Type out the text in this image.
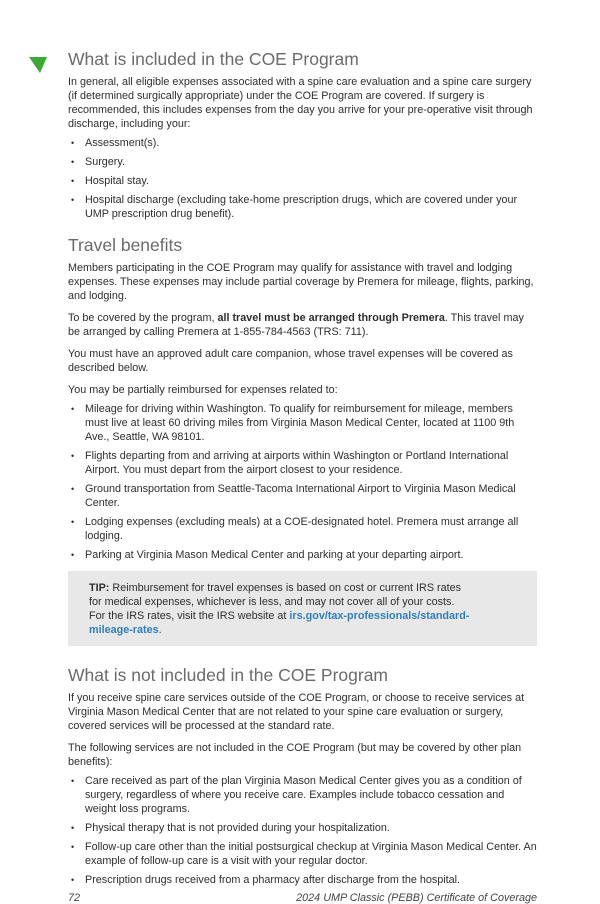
What is included in the COE Program

In general, all eligible expenses associated with a spine care evaluation and a spine care surgery (if determined surgically appropriate) under the COE Program are covered. If surgery is recommended, this includes expenses from the day you arrive for your pre-operative visit through discharge, including your:

•	Assessment(s).
•	Surgery.
•	Hospital stay.
•	Hospital discharge (excluding take-home prescription drugs, which are covered under your UMP prescription drug benefit).
Travel benefits

Members participating in the COE Program may qualify for assistance with travel and lodging expenses. These expenses may include partial coverage by Premera for mileage, flights, parking, and lodging.

To be covered by the program, all travel must be arranged through Premera. This travel may be arranged by calling Premera at 1-855-784-4563 (TRS: 711).

You must have an approved adult care companion, whose travel expenses will be covered as described below.

You may be partially reimbursed for expenses related to:

•	Mileage for driving within Washington. To qualify for reimbursement for mileage, members must live at least 60 driving miles from Virginia Mason Medical Center, located at 1100 9th Ave., Seattle, WA 98101.
•	Flights departing from and arriving at airports within Washington or Portland International Airport. You must depart from the airport closest to your residence.
•	Ground transportation from Seattle-Tacoma International Airport to Virginia Mason Medical Center.
•	Lodging expenses (excluding meals) at a COE-designated hotel. Premera must arrange all lodging.
•	Parking at Virginia Mason Medical Center and parking at your departing airport.
TIP: Reimbursement for travel expenses is based on cost or current IRS rates for medical expenses, whichever is less, and may not cover all of your costs. For the IRS rates, visit the IRS website at irs.gov/tax-professionals/standard-mileage-rates.
What is not included in the COE Program

If you receive spine care services outside of the COE Program, or choose to receive services at Virginia Mason Medical Center that are not related to your spine care evaluation or surgery, covered services will be processed at the standard rate.

The following services are not included in the COE Program (but may be covered by other plan benefits):

•	Care received as part of the plan Virginia Mason Medical Center gives you as a condition of surgery, regardless of where you receive care. Examples include tobacco cessation and weight loss programs.
•	Physical therapy that is not provided during your hospitalization.
•	Follow-up care other than the initial postsurgical checkup at Virginia Mason Medical Center. An example of follow-up care is a visit with your regular doctor.
•	Prescription drugs received from a pharmacy after discharge from the hospital.
72	2024 UMP Classic (PEBB) Certificate of Coverage
